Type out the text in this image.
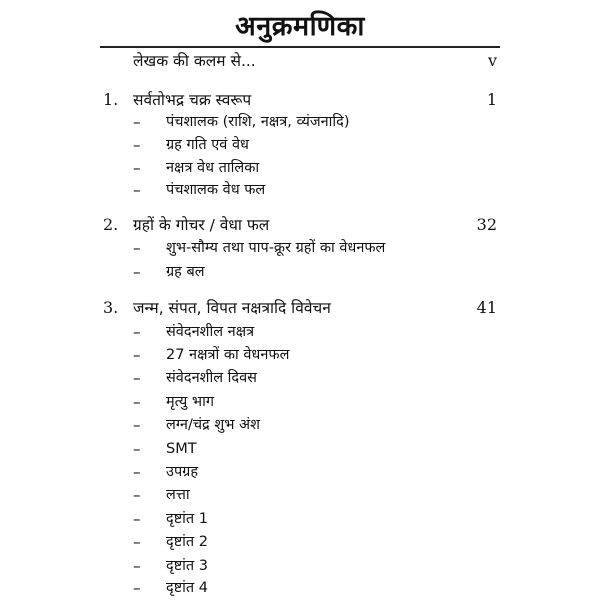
अनुक्रमणिका
लेखक की कलम से...	v
1. सर्वतोभद्र चक्र स्वरूप	1
– पंचशालक (राशि, नक्षत्र, व्यंजनादि)
– ग्रह गति एवं वेध
– नक्षत्र वेध तालिका
– पंचशालक वेध फल
2. ग्रहों के गोचर / वेधा फल	32
– शुभ-सौम्य तथा पाप-क्रूर ग्रहों का वेधनफल
– ग्रह बल
3. जन्म, संपत, विपत नक्षत्रादि विवेचन	41
– संवेदनशील नक्षत्र
– 27 नक्षत्रों का वेधनफल
– संवेदनशील दिवस
– मृत्यु भाग
– लग्न/चंद्र शुभ अंश
– SMT
– उपग्रह
– लत्ता
– दृष्टांत 1
– दृष्टांत 2
– दृष्टांत 3
– दृष्टांत 4
